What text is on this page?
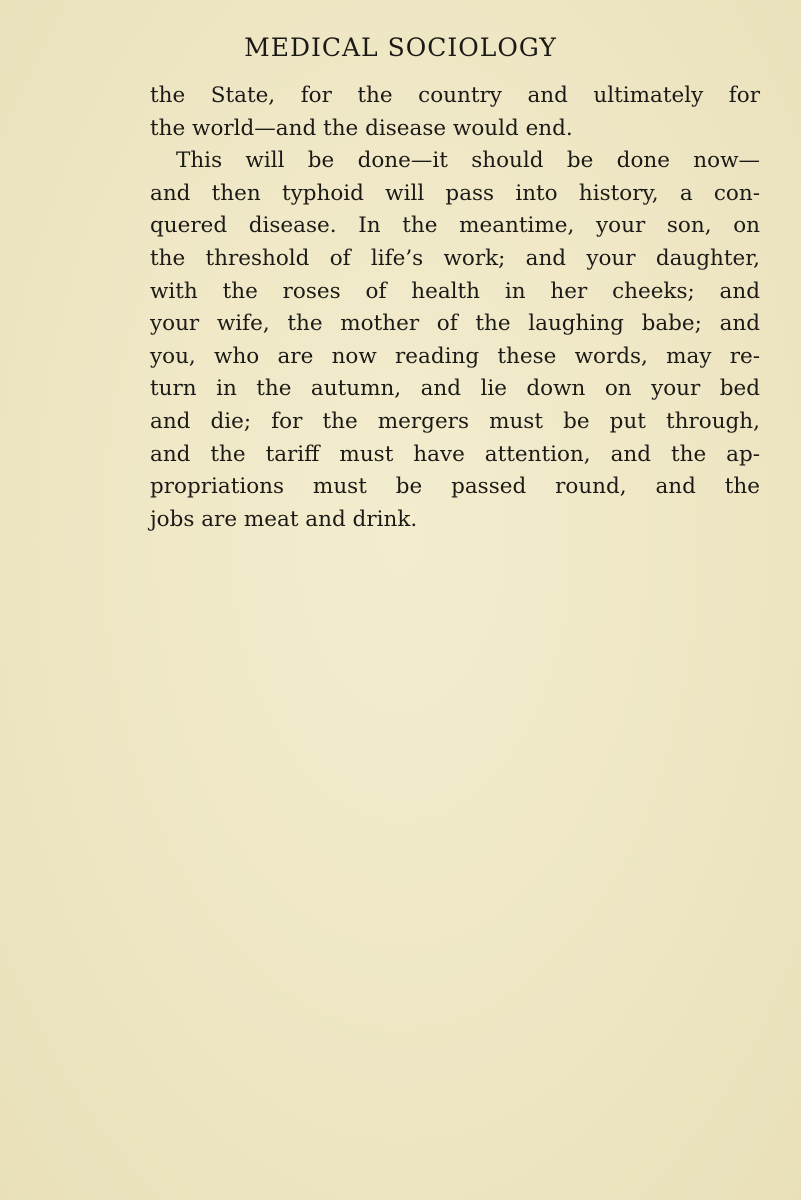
MEDICAL SOCIOLOGY
the State, for the country and ultimately for
the world—and the disease would end.
This will be done—it should be done now—
and then typhoid will pass into history, a con-
quered disease. In the meantime, your son, on
the threshold of life’s work; and your daughter,
with the roses of health in her cheeks; and
your wife, the mother of the laughing babe; and
you, who are now reading these words, may re-
turn in the autumn, and lie down on your bed
and die; for the mergers must be put through,
and the tariff must have attention, and the ap-
propriations must be passed round, and the
jobs are meat and drink.
